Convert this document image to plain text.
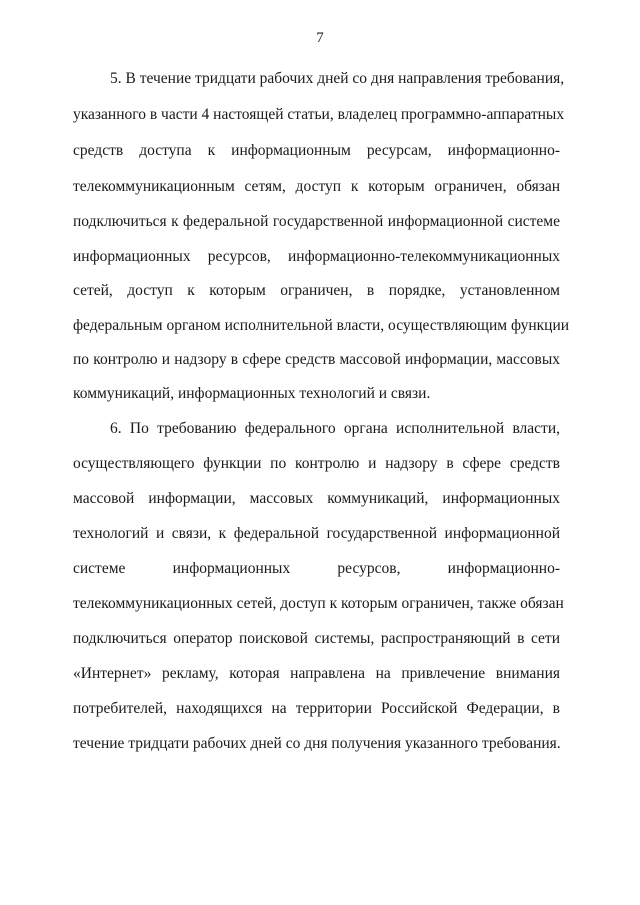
7
5. В течение тридцати рабочих дней со дня направления требования,
указанного в части 4 настоящей статьи, владелец программно-аппаратных
средств доступа к информационным ресурсам, информационно-
телекоммуникационным сетям, доступ к которым ограничен, обязан
подключиться к федеральной государственной информационной системе
информационных ресурсов, информационно-телекоммуникационных
сетей, доступ к которым ограничен, в порядке, установленном
федеральным органом исполнительной власти, осуществляющим функции
по контролю и надзору в сфере средств массовой информации, массовых
коммуникаций, информационных технологий и связи.
6. По требованию федерального органа исполнительной власти,
осуществляющего функции по контролю и надзору в сфере средств
массовой информации, массовых коммуникаций, информационных
технологий и связи, к федеральной государственной информационной
системе информационных ресурсов, информационно-
телекоммуникационных сетей, доступ к которым ограничен, также обязан
подключиться оператор поисковой системы, распространяющий в сети
«Интернет» рекламу, которая направлена на привлечение внимания
потребителей, находящихся на территории Российской Федерации, в
течение тридцати рабочих дней со дня получения указанного требования.
